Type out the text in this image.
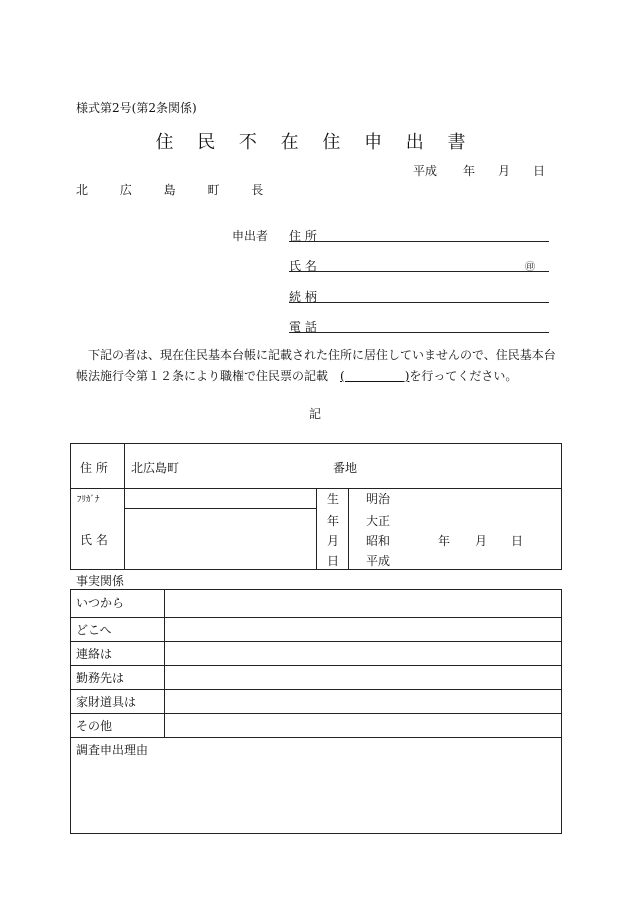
様式第2号(第2条関係)
住 民 不 在 住 申 出 書
平成 年 月 日
北 広 島 町 長
申出者 住 所
氏 名	㊞
続 柄
電 話
下記の者は、現在住民基本台帳に記載された住所に居住していませんので、住民基本台帳法施行令第１２条により職権で住民票の記載 (　　　　　)を行ってください。
記
住 所 北広島町	番地
ﾌﾘｶﾞﾅ
氏 名
生
年
月
日
明治
大正
昭和
平成
年 月 日
事実関係
いつから
どこへ
連絡は
勤務先は
家財道具は
その他
調査申出理由
